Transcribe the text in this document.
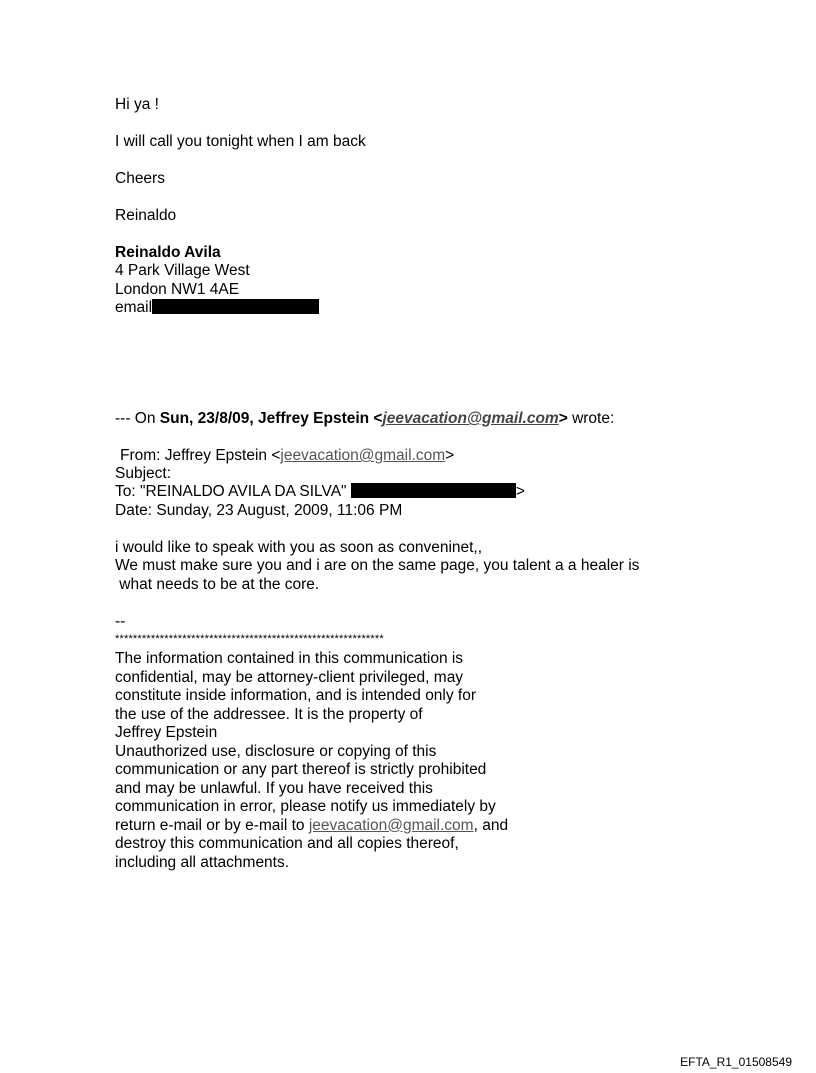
Hi ya !
I will call you tonight when I am back
Cheers
Reinaldo
Reinaldo Avila
4 Park Village West
London NW1 4AE
email
--- On Sun, 23/8/09, Jeffrey Epstein <jeevacation@gmail.com> wrote:
From: Jeffrey Epstein <jeevacation@gmail.com>
Subject:
To: "REINALDO AVILA DA SILVA"	>
Date: Sunday, 23 August, 2009, 11:06 PM
i would like to speak with you as soon as conveninet,,
We must make sure you and i are on the same page, you talent a a healer is
what needs to be at the core.
--
************************************************************
The information contained in this communication is
confidential, may be attorney-client privileged, may
constitute inside information, and is intended only for
the use of the addressee. It is the property of
Jeffrey Epstein
Unauthorized use, disclosure or copying of this
communication or any part thereof is strictly prohibited
and may be unlawful. If you have received this
communication in error, please notify us immediately by
return e-mail or by e-mail to jeevacation@gmail.com, and
destroy this communication and all copies thereof,
including all attachments.
EFTA_R1_01508549
